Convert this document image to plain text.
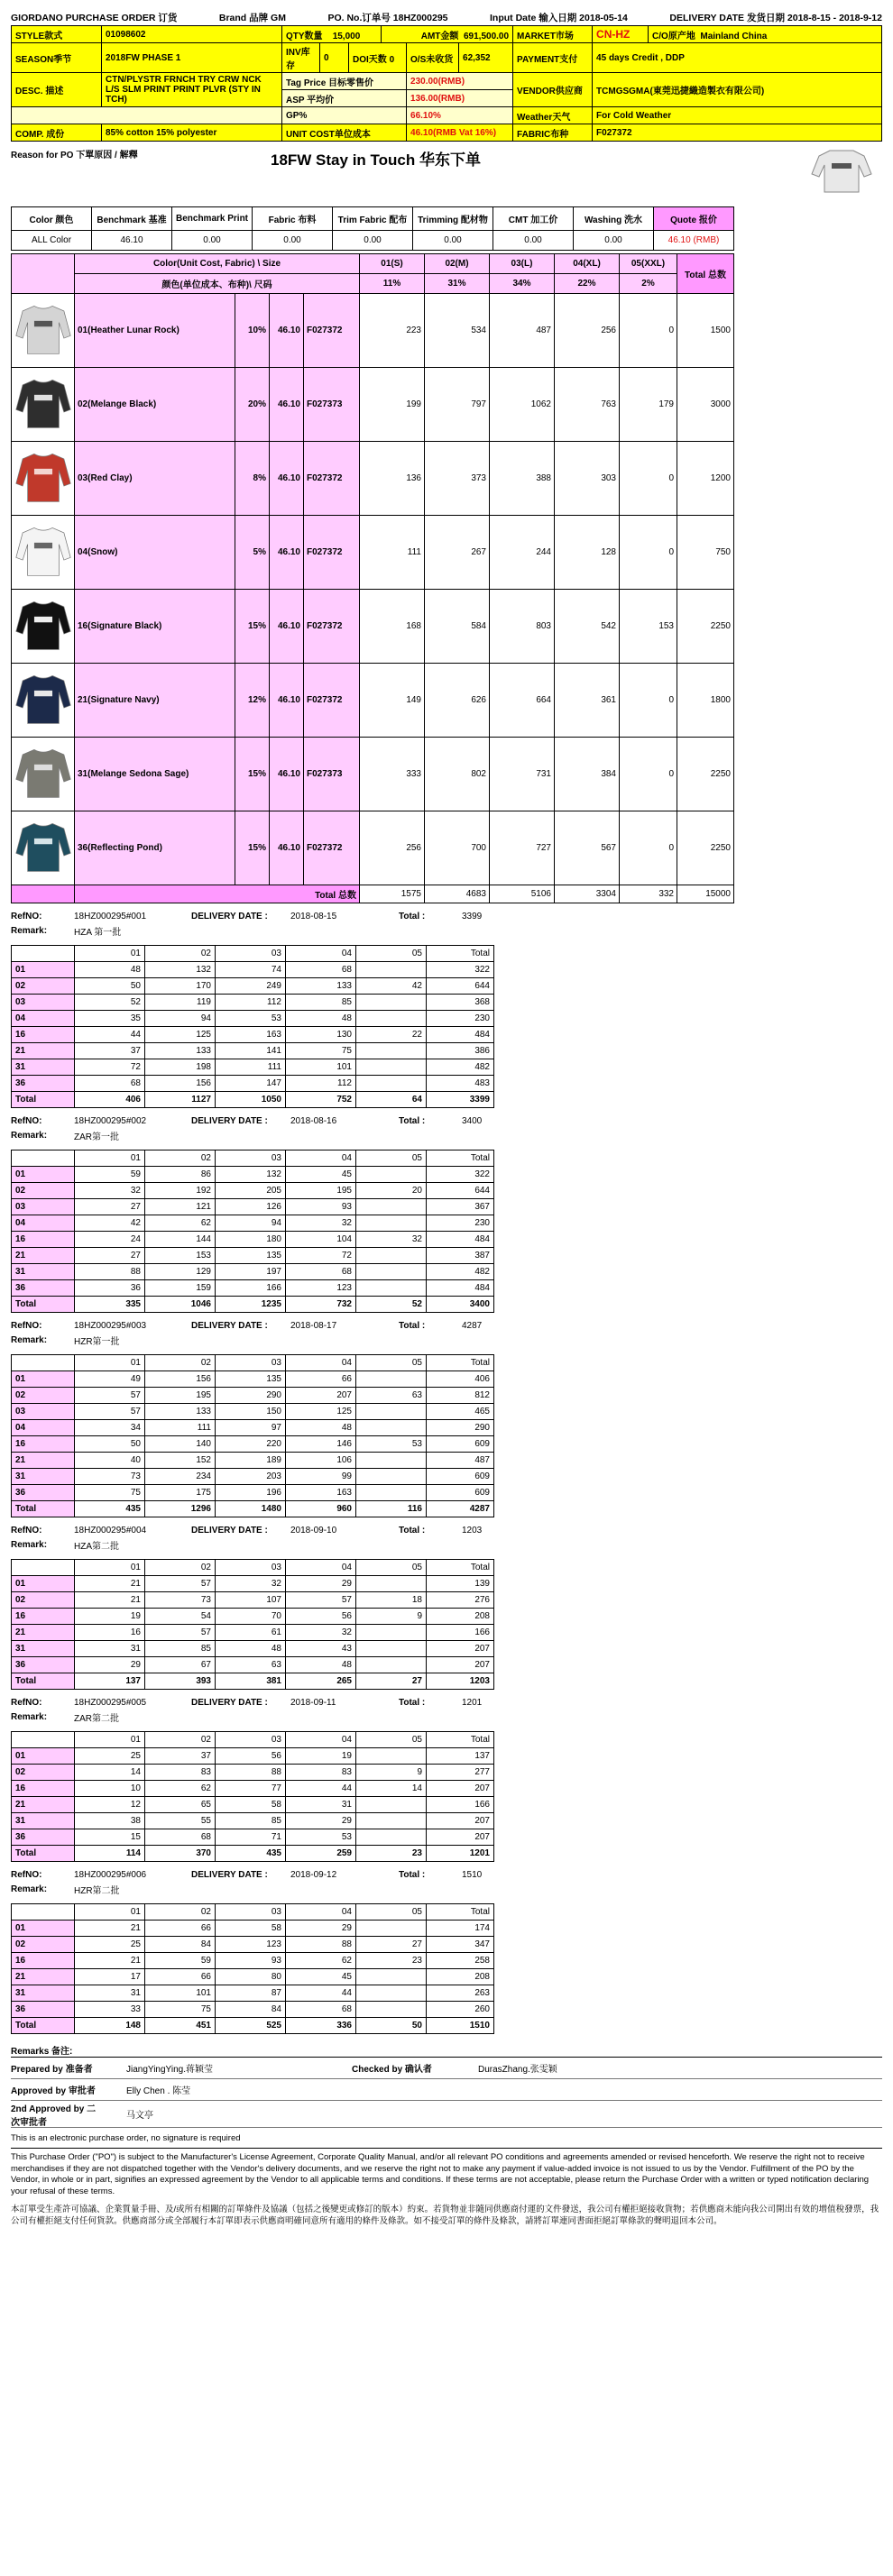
GIORDANO PURCHASE ORDER 订货	Brand 品牌 GM	PO. No.订单号 18HZ000295	Input Date 输入日期 2018-05-14	DELIVERY DATE 发货日期 2018-8-15 - 2018-9-12
STYLE款式	01098602	QTY数量 15,000			AMT金额 691,500.00			MARKET市场	CN-HZ	C/O原产地 Mainland China
SEASON季节	2018FW PHASE 1	INV库存	0	DOI天数 0		O/S未收货	62,352	PAYMENT支付	45 days Credit , DDP	
DESC. 描述	CTN/PLYSTR FRNCH TRY CRW NCK L/S SLM PRINT PRINT PLVR (STY IN TCH)	Tag Price 目标零售价				230.00(RMB)		VENDOR供应商	TCMGSGMA(東莞迅捷織造製衣有限公司)	
		ASP 平均价				136.00(RMB)				
		GP%				66.10%		Weather天气	For Cold Weather	
COMP. 成份	85% cotton 15% polyester	UNIT COST单位成本				46.10(RMB Vat 16%)		FABRIC布种	F027372	
Reason for PO 下單原因 / 解釋	18FW Stay in Touch 华东下单
Color 颜色	Benchmark 基准	Benchmark Print	Fabric 布料	Trim Fabric 配布	Trimming 配材物	CMT 加工价	Washing 洗水	Quote 报价
ALL Color	46.10	0.00	0.00	0.00	0.00	0.00	0.00	46.10 (RMB)
	Color(Unit Cost, Fabric) \ Size				01(S)	02(M)	03(L)	04(XL)	05(XXL)	Total 总数
	颜色(单位成本、布种)\ 尺码				11%	31%	34%	22%	2%	
	01(Heather Lunar Rock)	10%	46.10	F027372	223	534	487	256	0	1500
	02(Melange Black)	20%	46.10	F027373	199	797	1062	763	179	3000
	03(Red Clay)	8%	46.10	F027372	136	373	388	303	0	1200
	04(Snow)	5%	46.10	F027372	111	267	244	128	0	750
	16(Signature Black)	15%	46.10	F027372	168	584	803	542	153	2250
	21(Signature Navy)	12%	46.10	F027372	149	626	664	361	0	1800
	31(Melange Sedona Sage)	15%	46.10	F027373	333	802	731	384	0	2250
	36(Reflecting Pond)	15%	46.10	F027372	256	700	727	567	0	2250
	Total 总数				1575	4683	5106	3304	332	15000
RefNO:	18HZ000295#001	DELIVERY DATE :	2018-08-15	Total :	3399
Remark:	HZA 第一批
	01	02	03	04	05	Total
01	48	132	74	68		322
02	50	170	249	133	42	644
03	52	119	112	85		368
04	35	94	53	48		230
16	44	125	163	130	22	484
21	37	133	141	75		386
31	72	198	111	101		482
36	68	156	147	112		483
Total	406	1127	1050	752	64	3399
RefNO:	18HZ000295#002	DELIVERY DATE :	2018-08-16	Total :	3400
Remark:	ZAR第一批
	01	02	03	04	05	Total
01	59	86	132	45		322
02	32	192	205	195	20	644
03	27	121	126	93		367
04	42	62	94	32		230
16	24	144	180	104	32	484
21	27	153	135	72		387
31	88	129	197	68		482
36	36	159	166	123		484
Total	335	1046	1235	732	52	3400
RefNO:	18HZ000295#003	DELIVERY DATE :	2018-08-17	Total :	4287
Remark:	HZR第一批
	01	02	03	04	05	Total
01	49	156	135	66		406
02	57	195	290	207	63	812
03	57	133	150	125		465
04	34	111	97	48		290
16	50	140	220	146	53	609
21	40	152	189	106		487
31	73	234	203	99		609
36	75	175	196	163		609
Total	435	1296	1480	960	116	4287
RefNO:	18HZ000295#004	DELIVERY DATE :	2018-09-10	Total :	1203
Remark:	HZA第二批
	01	02	03	04	05	Total
01	21	57	32	29		139
02	21	73	107	57	18	276
16	19	54	70	56	9	208
21	16	57	61	32		166
31	31	85	48	43		207
36	29	67	63	48		207
Total	137	393	381	265	27	1203
RefNO:	18HZ000295#005	DELIVERY DATE :	2018-09-11	Total :	1201
Remark:	ZAR第二批
	01	02	03	04	05	Total
01	25	37	56	19		137
02	14	83	88	83	9	277
16	10	62	77	44	14	207
21	12	65	58	31		166
31	38	55	85	29		207
36	15	68	71	53		207
Total	114	370	435	259	23	1201
RefNO:	18HZ000295#006	DELIVERY DATE :	2018-09-12	Total :	1510
Remark:	HZR第二批
	01	02	03	04	05	Total
01	21	66	58	29		174
02	25	84	123	88	27	347
16	21	59	93	62	23	258
21	17	66	80	45		208
31	31	101	87	44		263
36	33	75	84	68		260
Total	148	451	525	336	50	1510
Remarks 备注:
Prepared by 准备者	JiangYingYing.蒋颖莹	Checked by 确认者	DurasZhang.张雯颖
Approved by 审批者	Elly Chen . 陈莹
2nd Approved by 二次审批者
马文亭
This is an electronic purchase order, no signature is required
This Purchase Order ("PO") is subject to the Manufacturer's License Agreement, Corporate Quality Manual, and/or all relevant PO conditions and agreements amended or revised henceforth. We reserve the right not to receive merchandises if they are not dispatched together with the Vendor's delivery documents, and we reserve the right not to make any payment if value-added invoice is not issued to us by the Vendor. Fulfillment of the PO by the Vendor, in whole or in part, signifies an expressed agreement by the Vendor to all applicable terms and conditions. If these terms are not acceptable, please return the Purchase Order with a written or typed notification declaring your refusal of these terms.
本訂單受生產許可協議、企業質量手冊、及/或所有相關的訂單條件及協議（包括之後變更或修訂的版本）約束。若貨物並非隨同供應商付運的文件發送，我公司有權拒絕接收貨物；若供應商未能向我公司開出有效的增值稅發票，我公司有權拒絕支付任何貨款。供應商部分或全部履行本訂單即表示供應商明確同意所有適用的條件及條款。如不接受訂單的條件及條款，請將訂單連同書面拒絕訂單條款的聲明退回本公司。
